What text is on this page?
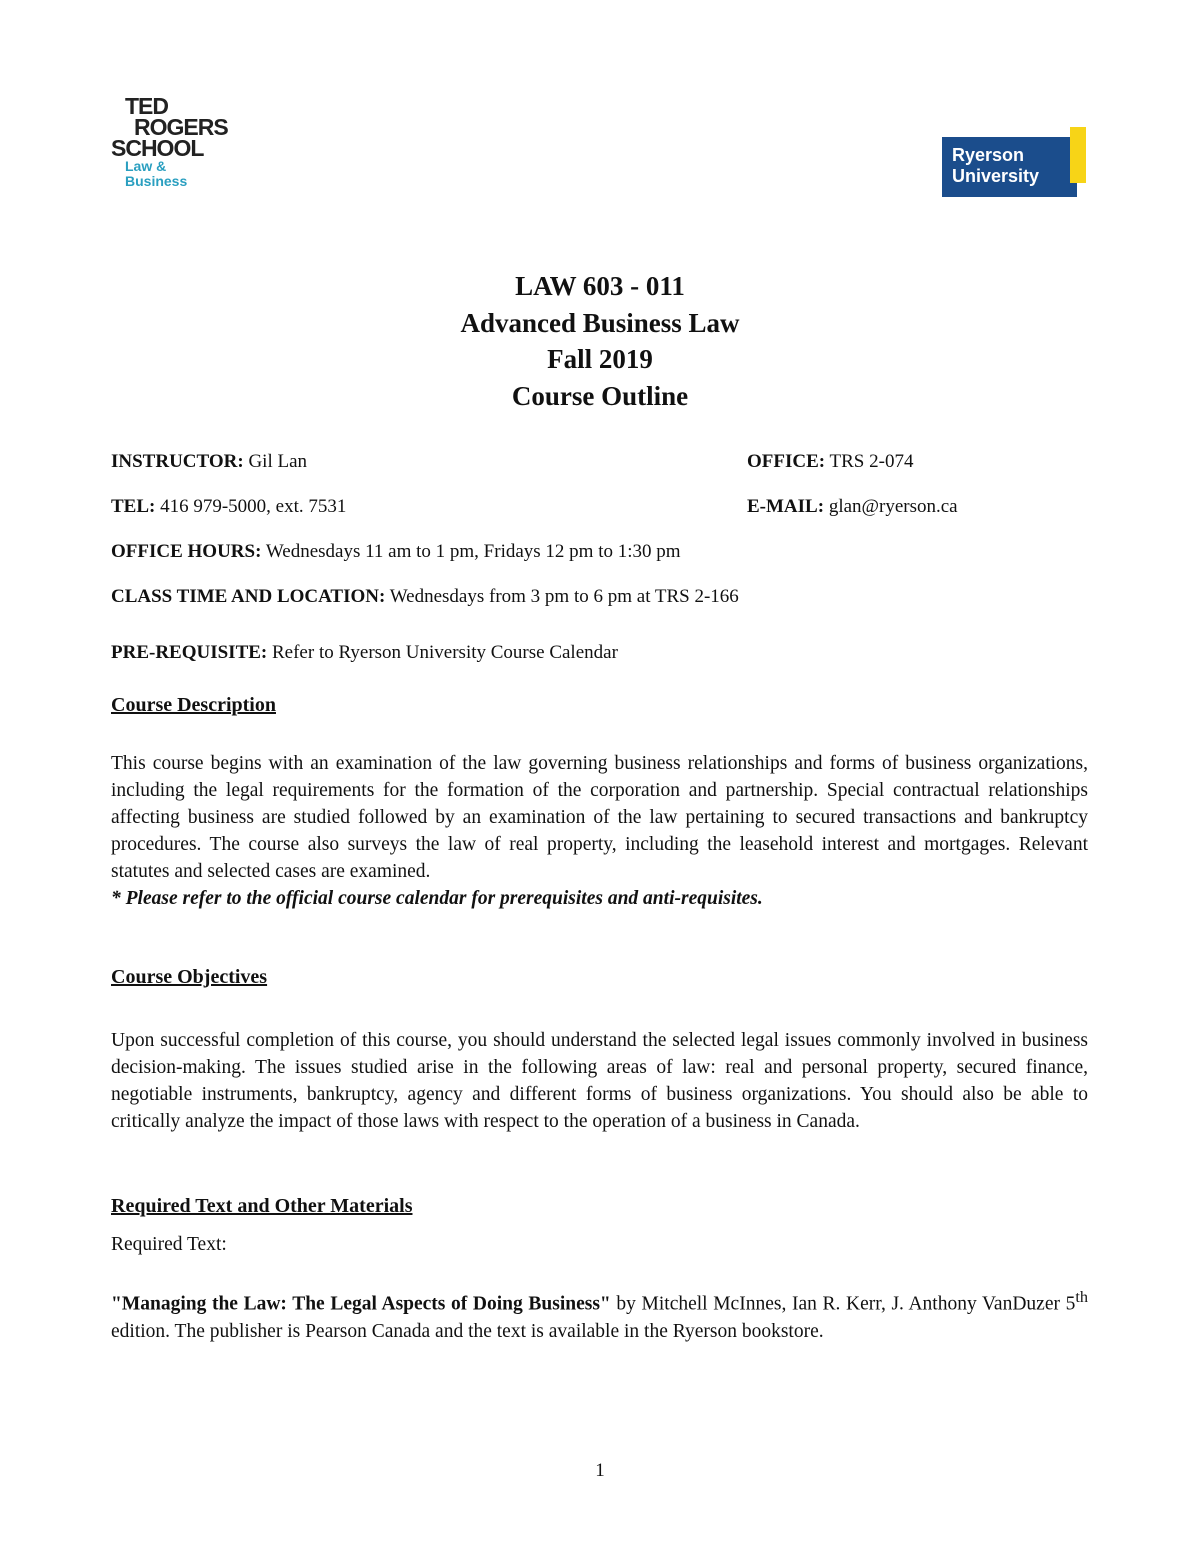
TED
ROGERS
SCHOOL
Law &
Business
Ryerson
University
LAW 603 - 011
Advanced Business Law
Fall 2019
Course Outline
INSTRUCTOR: Gil Lan	OFFICE: TRS 2-074
TEL: 416 979-5000, ext. 7531	E-MAIL: glan@ryerson.ca
OFFICE HOURS: Wednesdays 11 am to 1 pm, Fridays 12 pm to 1:30 pm
CLASS TIME AND LOCATION: Wednesdays from 3 pm to 6 pm at TRS 2-166
PRE-REQUISITE: Refer to Ryerson University Course Calendar
Course Description
This course begins with an examination of the law governing business relationships and forms of business organizations, including the legal requirements for the formation of the corporation and partnership. Special contractual relationships affecting business are studied followed by an examination of the law pertaining to secured transactions and bankruptcy procedures. The course also surveys the law of real property, including the leasehold interest and mortgages. Relevant statutes and selected cases are examined.
* Please refer to the official course calendar for prerequisites and anti-requisites.
Course Objectives
Upon successful completion of this course, you should understand the selected legal issues commonly involved in business decision-making. The issues studied arise in the following areas of law: real and personal property, secured finance, negotiable instruments, bankruptcy, agency and different forms of business organizations. You should also be able to critically analyze the impact of those laws with respect to the operation of a business in Canada.
Required Text and Other Materials
Required Text:
"Managing the Law: The Legal Aspects of Doing Business" by Mitchell McInnes, Ian R. Kerr, J. Anthony VanDuzer 5th edition. The publisher is Pearson Canada and the text is available in the Ryerson bookstore.
1
